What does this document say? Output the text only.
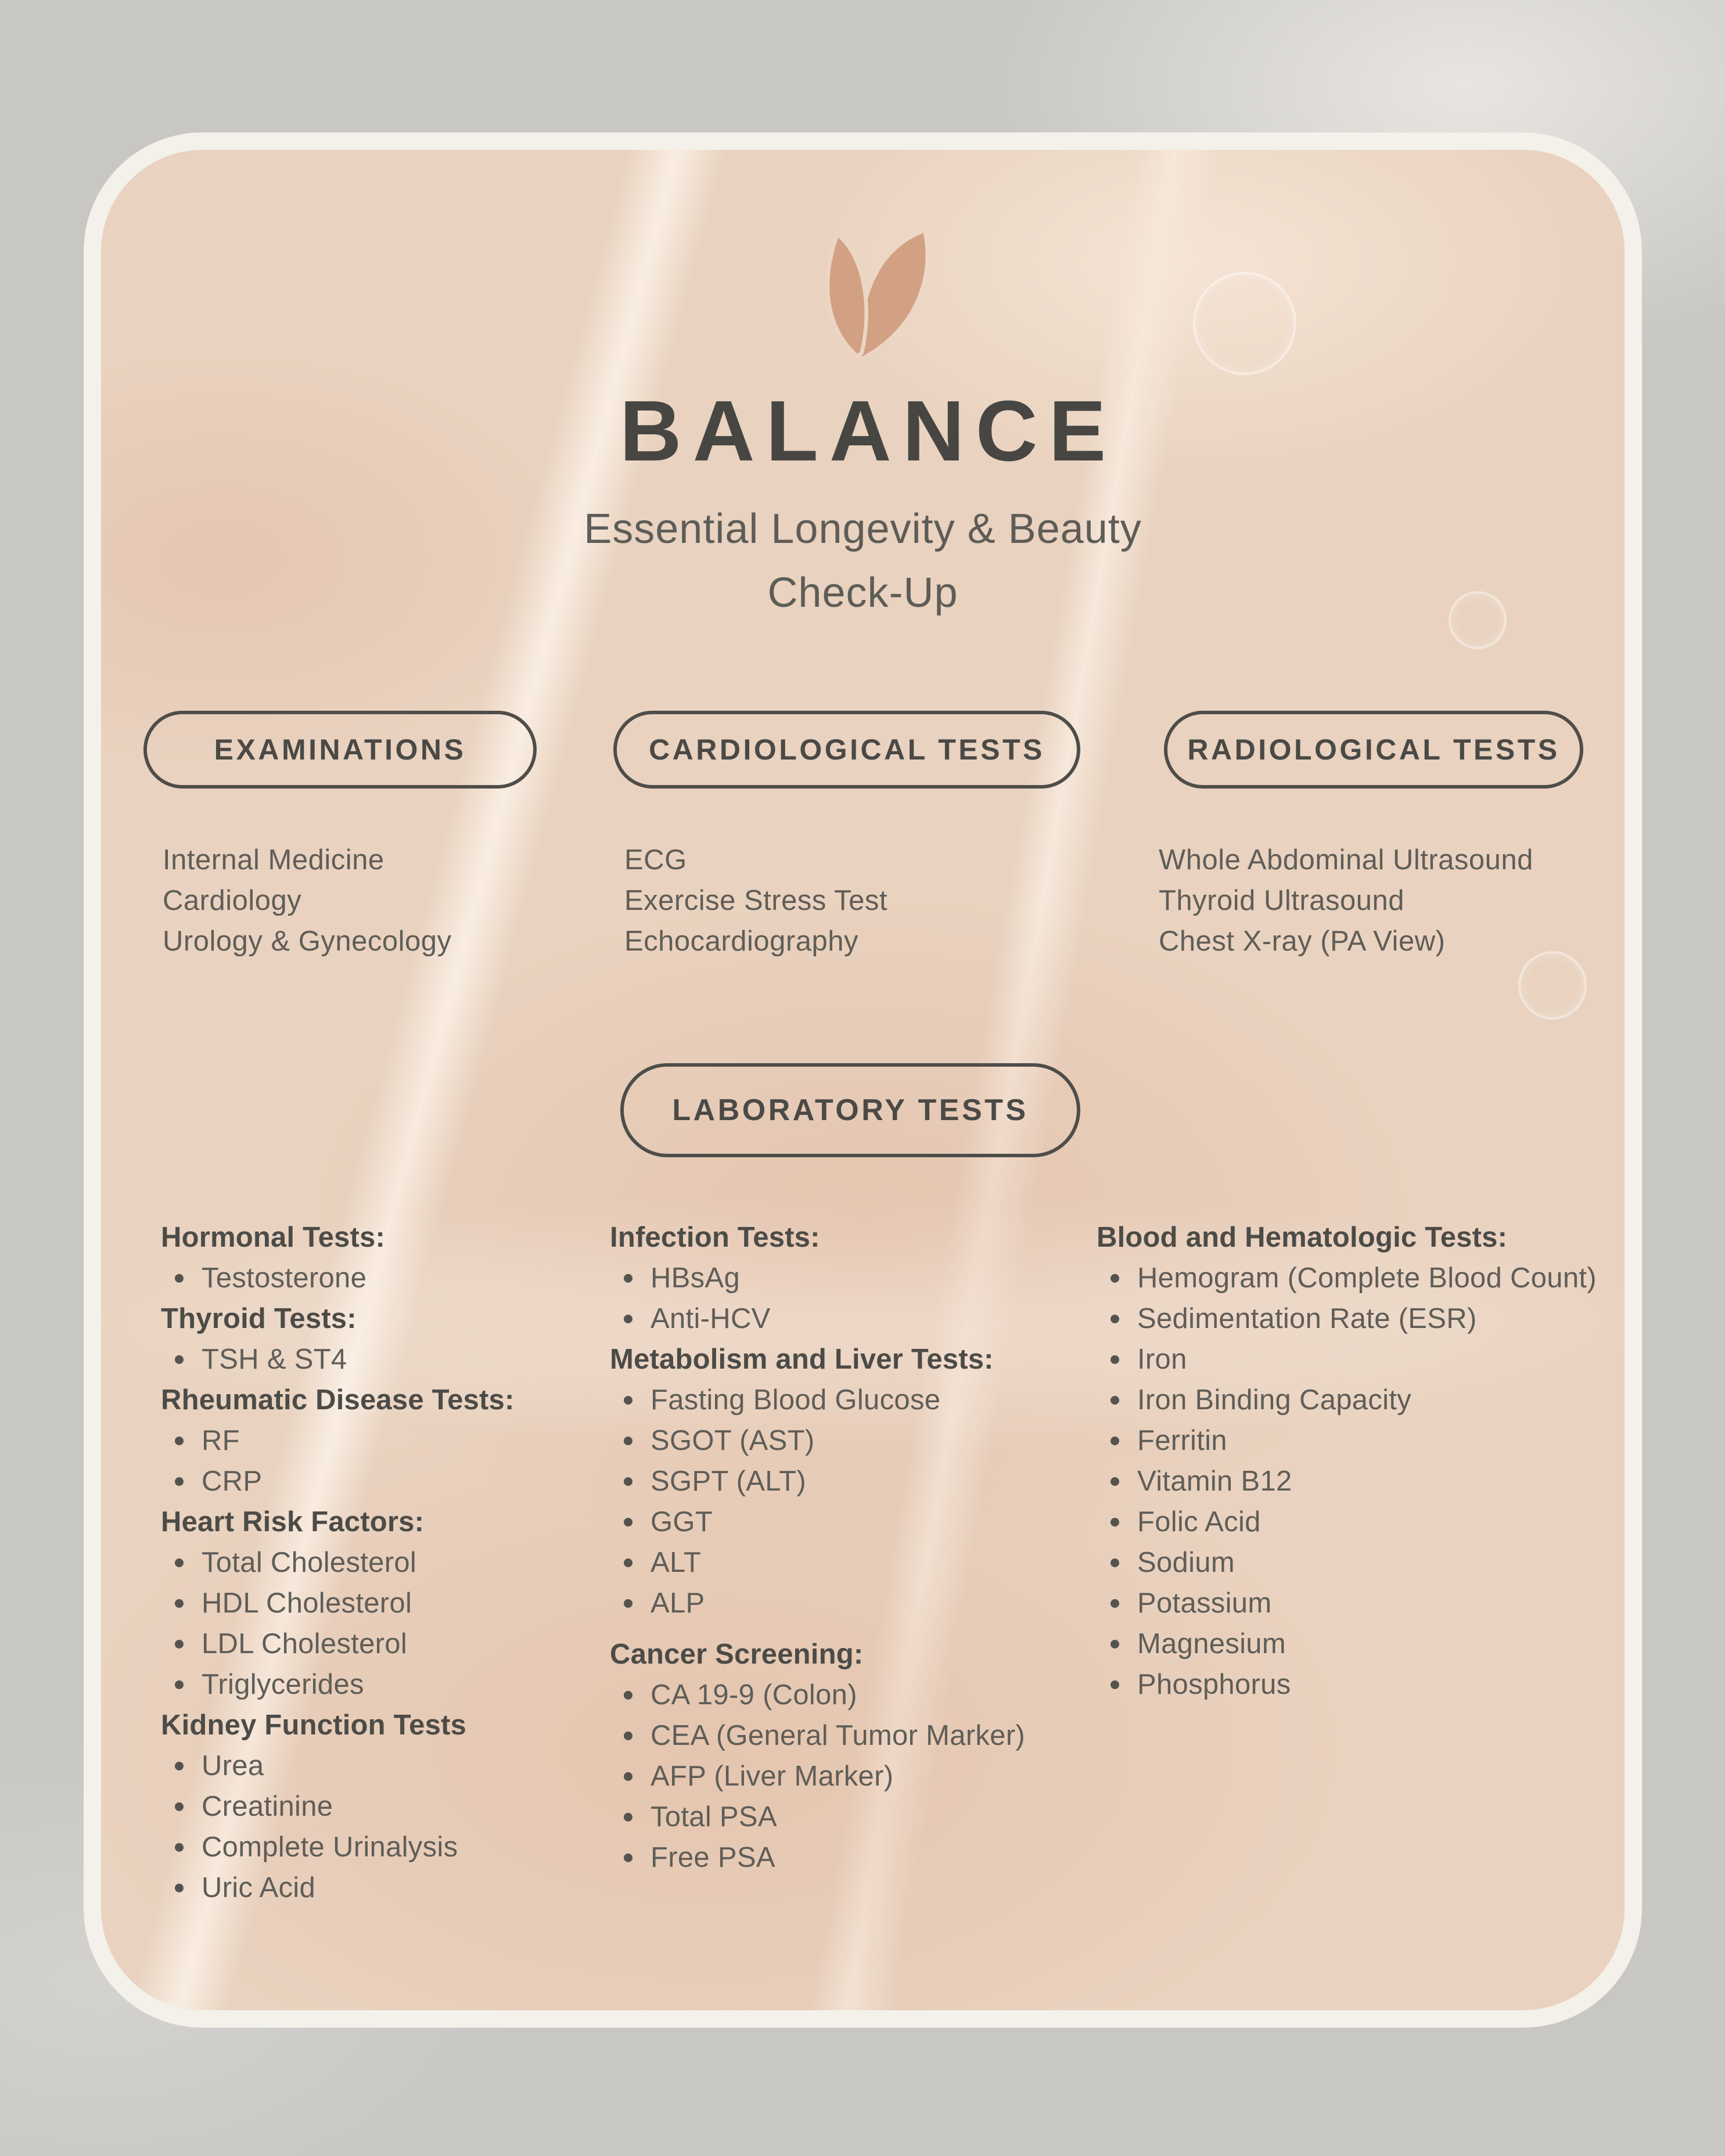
BALANCE
Essential Longevity & Beauty
Check-Up
EXAMINATIONS	CARDIOLOGICAL TESTS	RADIOLOGICAL TESTS
Internal Medicine
Cardiology
Urology & Gynecology
ECG
Exercise Stress Test
Echocardiography
Whole Abdominal Ultrasound
Thyroid Ultrasound
Chest X-ray (PA View)
LABORATORY TESTS
Hormonal Tests:
Testosterone
Thyroid Tests:
TSH & ST4
Rheumatic Disease Tests:
RF
CRP
Heart Risk Factors:
Total Cholesterol
HDL Cholesterol
LDL Cholesterol
Triglycerides
Kidney Function Tests
Urea
Creatinine
Complete Urinalysis
Uric Acid
Infection Tests:
HBsAg
Anti-HCV
Metabolism and Liver Tests:
Fasting Blood Glucose
SGOT (AST)
SGPT (ALT)
GGT
ALT
ALP
Cancer Screening:
CA 19-9 (Colon)
CEA (General Tumor Marker)
AFP (Liver Marker)
Total PSA
Free PSA
Blood and Hematologic Tests:
Hemogram (Complete Blood Count)
Sedimentation Rate (ESR)
Iron
Iron Binding Capacity
Ferritin
Vitamin B12
Folic Acid
Sodium
Potassium
Magnesium
Phosphorus
